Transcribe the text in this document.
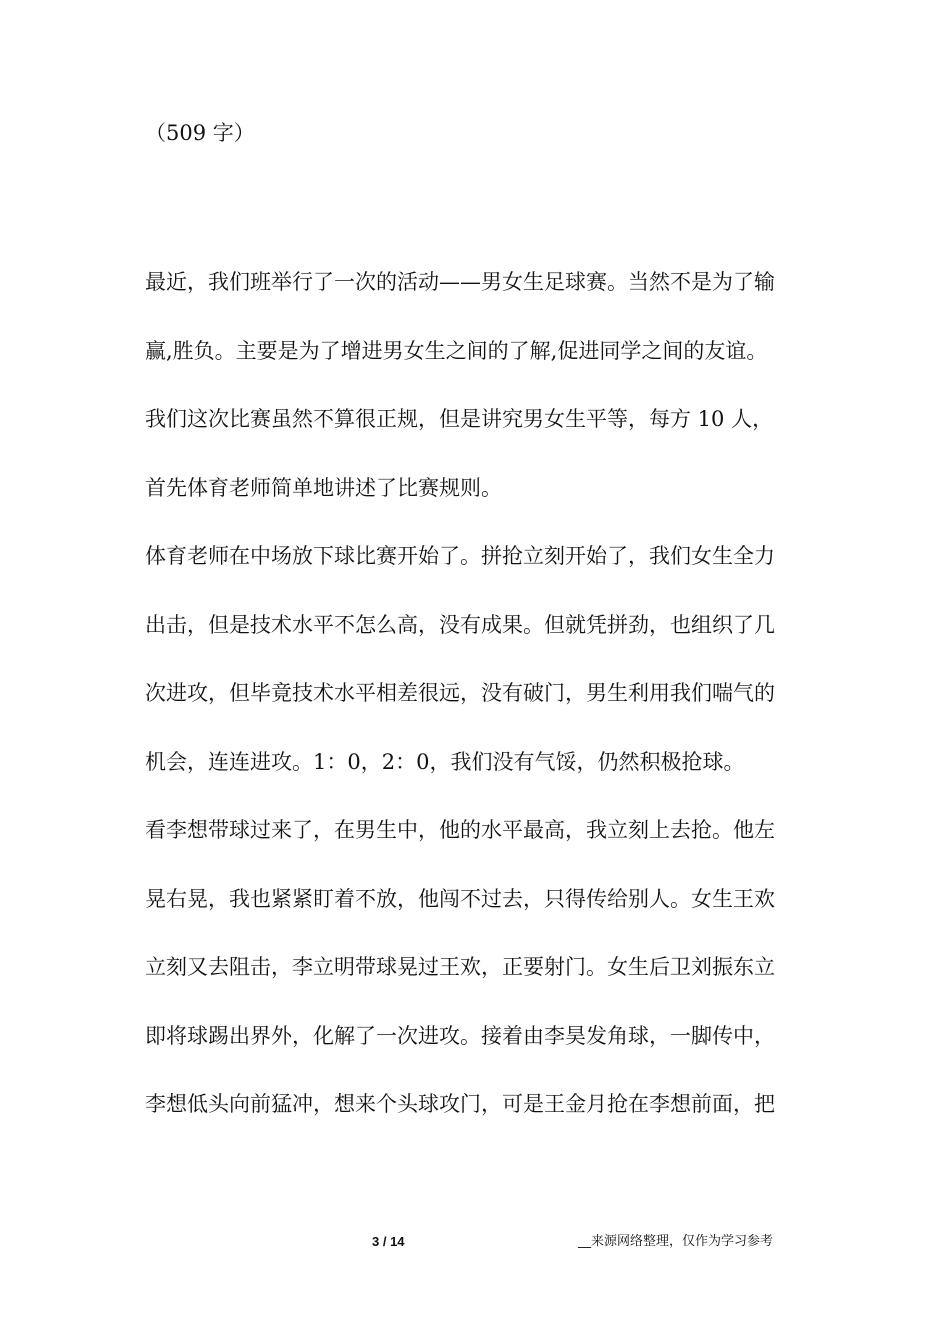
（509 字）
最近，我们班举行了一次的活动——男女生足球赛。当然不是为了输
赢,胜负。主要是为了增进男女生之间的了解,促进同学之间的友谊。
我们这次比赛虽然不算很正规，但是讲究男女生平等，每方 10 人，
首先体育老师简单地讲述了比赛规则。
体育老师在中场放下球比赛开始了。拼抢立刻开始了，我们女生全力
出击，但是技术水平不怎么高，没有成果。但就凭拼劲，也组织了几
次进攻，但毕竟技术水平相差很远，没有破门，男生利用我们喘气的
机会，连连进攻。1：0，2：0，我们没有气馁，仍然积极抢球。
看李想带球过来了，在男生中，他的水平最高，我立刻上去抢。他左
晃右晃，我也紧紧盯着不放，他闯不过去，只得传给别人。女生王欢
立刻又去阻击，李立明带球晃过王欢，正要射门。女生后卫刘振东立
即将球踢出界外，化解了一次进攻。接着由李昊发角球，一脚传中，
李想低头向前猛冲，想来个头球攻门，可是王金月抢在李想前面，把
3 / 14	__来源网络整理，仅作为学习参考
